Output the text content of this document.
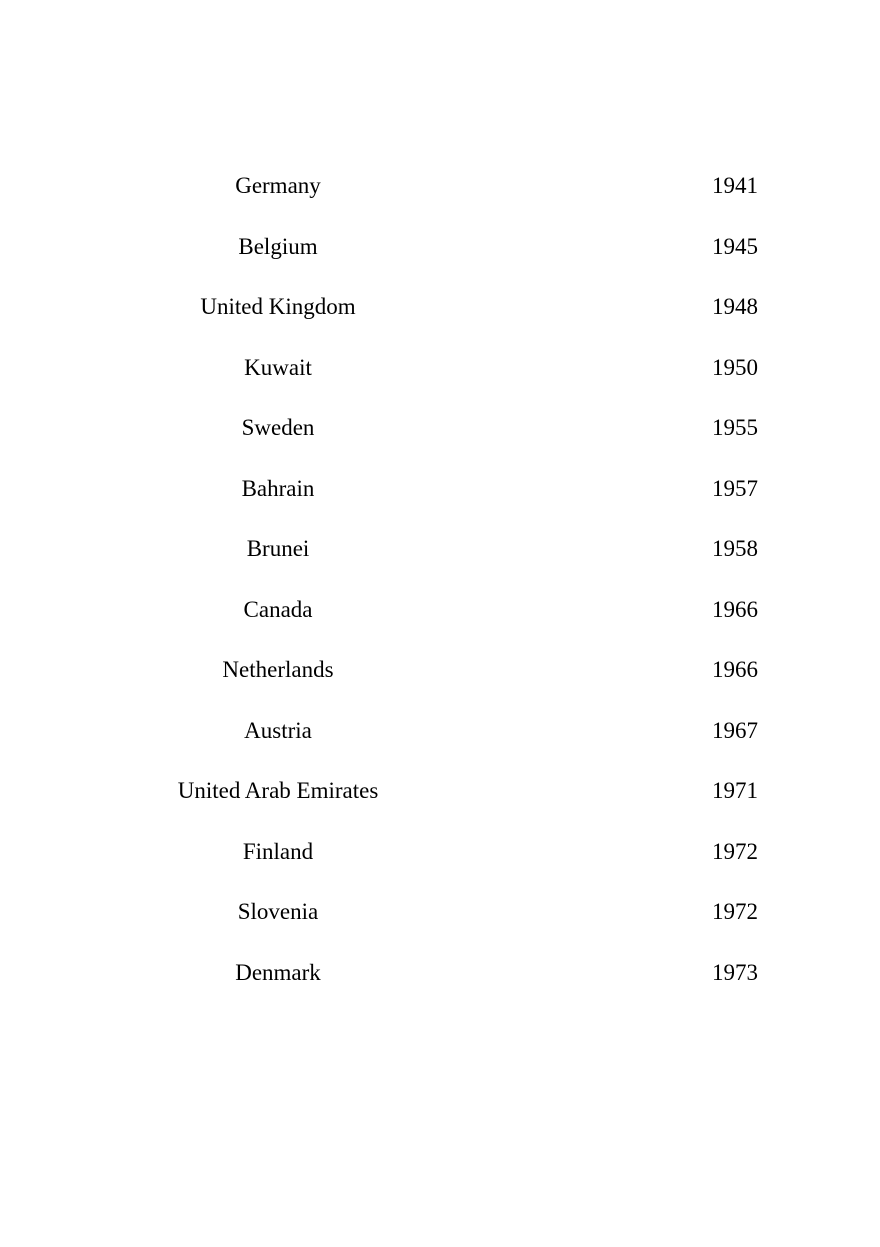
Germany	1941
Belgium	1945
United Kingdom	1948
Kuwait	1950
Sweden	1955
Bahrain	1957
Brunei	1958
Canada	1966
Netherlands	1966
Austria	1967
United Arab Emirates	1971
Finland	1972
Slovenia	1972
Denmark	1973
